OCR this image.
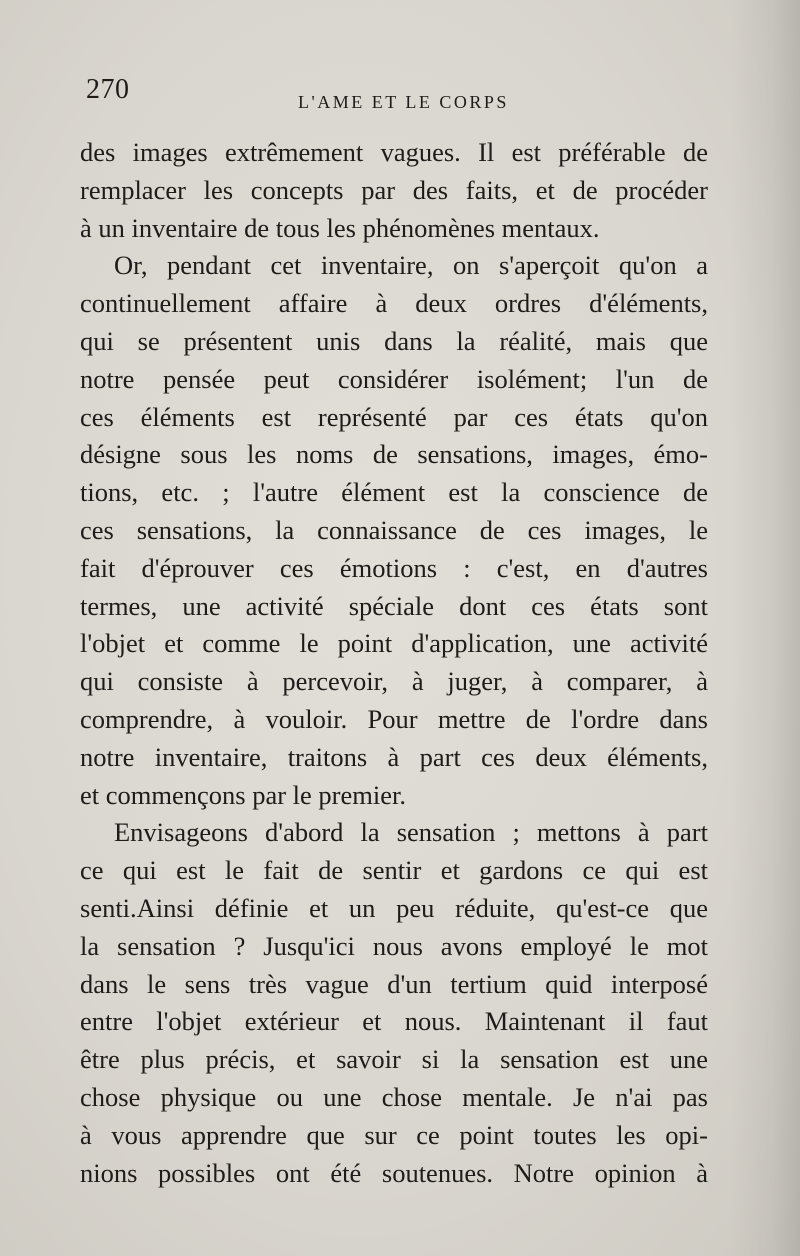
270	L'AME ET LE CORPS
des images extrêmement vagues. Il est préférable de
remplacer les concepts par des faits, et de procéder
à un inventaire de tous les phénomènes mentaux.
Or, pendant cet inventaire, on s'aperçoit qu'on a
continuellement affaire à deux ordres d'éléments,
qui se présentent unis dans la réalité, mais que
notre pensée peut considérer isolément; l'un de
ces éléments est représenté par ces états qu'on
désigne sous les noms de sensations, images, émo-
tions, etc. ; l'autre élément est la conscience de
ces sensations, la connaissance de ces images, le
fait d'éprouver ces émotions : c'est, en d'autres
termes, une activité spéciale dont ces états sont
l'objet et comme le point d'application, une activité
qui consiste à percevoir, à juger, à comparer, à
comprendre, à vouloir. Pour mettre de l'ordre dans
notre inventaire, traitons à part ces deux éléments,
et commençons par le premier.
Envisageons d'abord la sensation ; mettons à part
ce qui est le fait de sentir et gardons ce qui est
senti.Ainsi définie et un peu réduite, qu'est-ce que
la sensation ? Jusqu'ici nous avons employé le mot
dans le sens très vague d'un tertium quid interposé
entre l'objet extérieur et nous. Maintenant il faut
être plus précis, et savoir si la sensation est une
chose physique ou une chose mentale. Je n'ai pas
à vous apprendre que sur ce point toutes les opi-
nions possibles ont été soutenues. Notre opinion à
